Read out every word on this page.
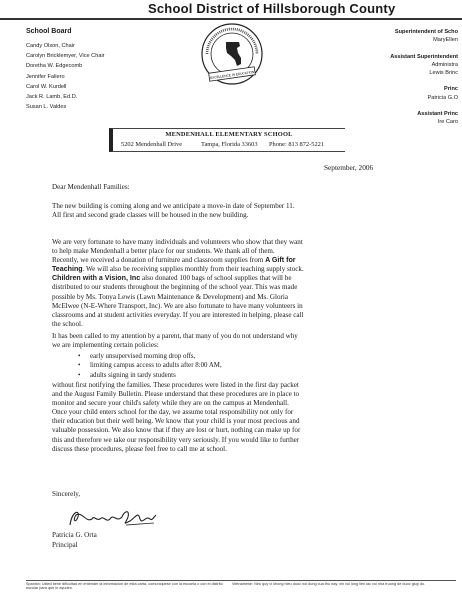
School District of Hillsborough County
School Board
Candy Olson, Chair
Carolyn Bricklemyer, Vice Chair
Doretha W. Edgecomb
Jennifer Faliero
Carol W. Kurdell
Jack R. Lamb, Ed.D.
Susan L. Valdes
EXCELLENCE IN EDUCATION
Superintendent of Scho
MaryEllen

Assistant Superintendent
Administra
Lewis Brinc

Princ
Patricia G.O

Assistant Princ
Ire Caro
MENDENHALL ELEMENTARY SCHOOL
5202 Mendenhall Drive	Tampa, Florida 33603 Phone: 813 872-5221
September, 2006
Dear Mendenhall Families:
The new building is coming along and we anticipate a move-in date of September 11.
All first and second grade classes will be housed in the new building.
We are very fortunate to have many individuals and volunteers who show that they want
to help make Mendenhall a better place for our students. We thank all of them.
Recently, we received a donation of furniture and classroom supplies from A Gift for
Teaching. We will also be receiving supplies monthly from their teaching supply stock.
Children with a Vision, Inc also donated 100 bags of school supplies that will be
distributed to our students throughout the beginning of the school year. This was made
possible by Ms. Tonya Lewis (Lawn Maintenance & Development) and Ms. Gloria
McElwee (N-E-Where Transport, Inc). We are also fortunate to have many volunteers in
classrooms and at student activities everyday. If you are interested in helping, please call
the school.
It has been called to my attention by a parent, that many of you do not understand why
we are implementing certain policies:
• early unsupervised morning drop offs,
• limiting campus access to adults after 8:00 AM,
• adults signing in tardy students
without first notifying the families. These procedures were listed in the first day packet
and the August Family Bulletin. Please understand that these procedures are in place to
monitor and secure your child's safety while they are on the campus at Mendenhall.
Once your child enters school for the day, we assume total responsibility not only for
their education but their well being. We know that your child is your most precious and
valuable possession. We also know that if they are lost or hurt, nothing can make up for
this and therefore we take our responsibility very seriously. If you would like to further
discuss these procedures, please feel free to call me at school.
Sincerely,
Patricia G. Orta
Principal
Spanish: Usted tiene dificultad en entender la informacion de esta carta, comuniquese con la escuela o con el distrito escolar para que le ayuden.
Vietnamese: Neu quy vi khong hieu duoc noi dung cua thu nay, xin vui long lien lac voi nha truong de duoc giup do.
